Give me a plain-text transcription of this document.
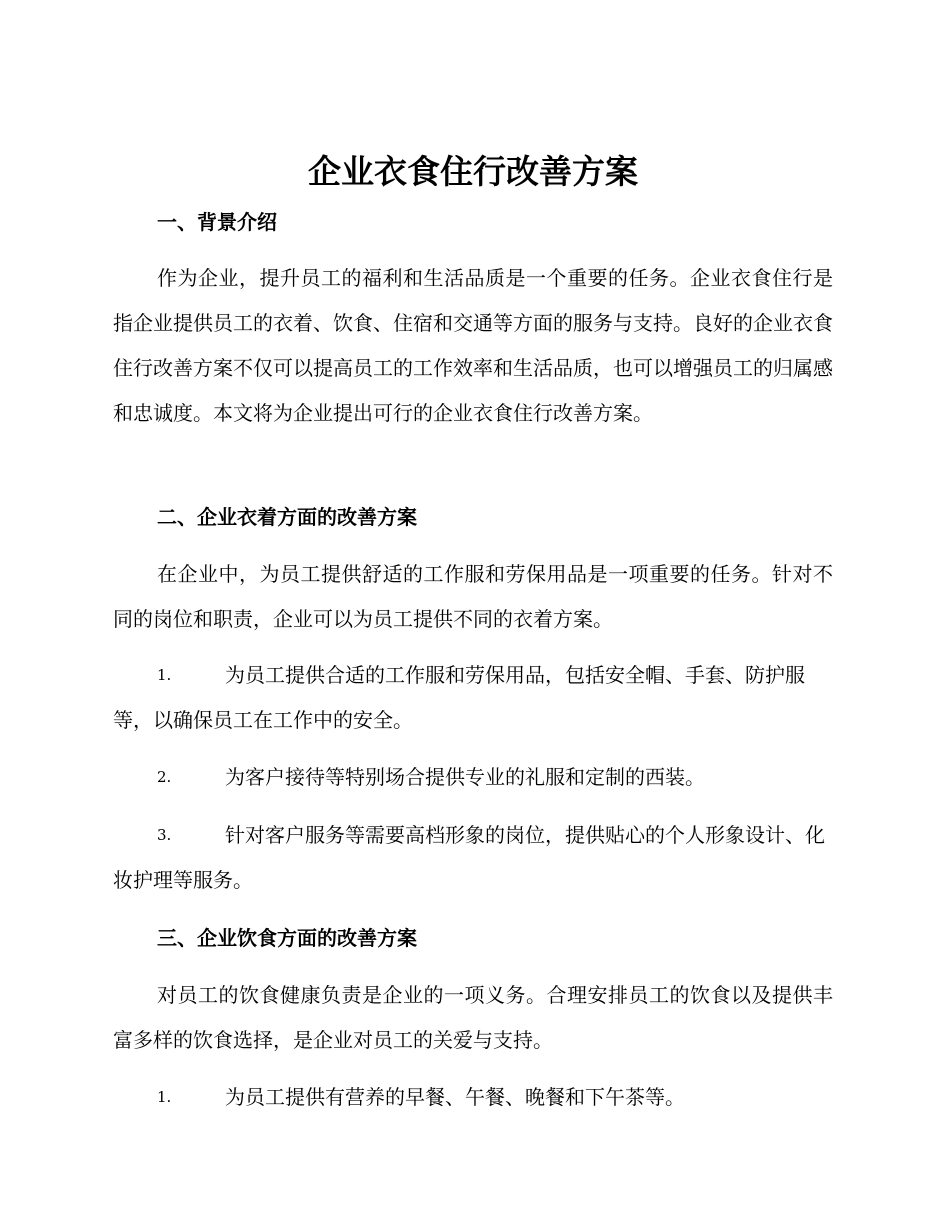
企业衣食住行改善方案
一、背景介绍

作为企业，提升员工的福利和生活品质是一个重要的任务。企业衣食住行是指企业提供员工的衣着、饮食、住宿和交通等方面的服务与支持。良好的企业衣食住行改善方案不仅可以提高员工的工作效率和生活品质，也可以增强员工的归属感和忠诚度。本文将为企业提出可行的企业衣食住行改善方案。

二、企业衣着方面的改善方案

在企业中，为员工提供舒适的工作服和劳保用品是一项重要的任务。针对不同的岗位和职责，企业可以为员工提供不同的衣着方案。

1.	为员工提供合适的工作服和劳保用品，包括安全帽、手套、防护服等，以确保员工在工作中的安全。
2.	为客户接待等特别场合提供专业的礼服和定制的西装。
3.	针对客户服务等需要高档形象的岗位，提供贴心的个人形象设计、化妆护理等服务。
三、企业饮食方面的改善方案

对员工的饮食健康负责是企业的一项义务。合理安排员工的饮食以及提供丰富多样的饮食选择，是企业对员工的关爱与支持。

1.	为员工提供有营养的早餐、午餐、晚餐和下午茶等。
